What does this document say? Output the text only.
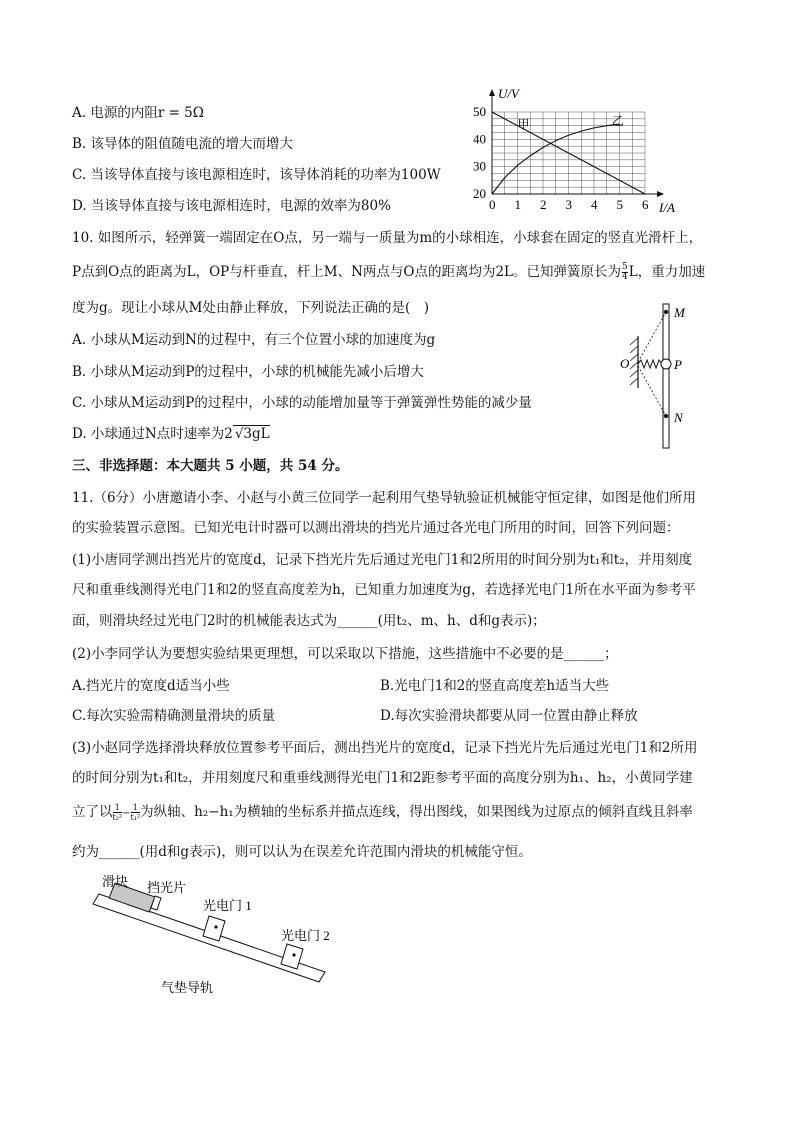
A. 电源的内阻r = 5Ω
B. 该导体的阻值随电流的增大而增大
C. 当该导体直接与该电源相连时，该导体消耗的功率为100W
D. 当该导体直接与该电源相连时，电源的效率为80%	0 1 2 3 4 5 6
20
30
40
50
U/V
I/A
甲	乙
10. 如图所示，轻弹簧一端固定在O点，另一端与一质量为m的小球相连，小球套在固定的竖直光滑杆上，
P点到O点的距离为L，OP与杆垂直，杆上M、N两点与O点的距离均为2L。已知弹簧原长为 $\frac{5}{4}$ L，重力加速
度为g。现让小球从M处由静止释放，下列说法正确的是(　)
A. 小球从M运动到N的过程中，有三个位置小球的加速度为g
B. 小球从M运动到P的过程中，小球的机械能先减小后增大
C. 小球从M运动到P的过程中，小球的动能增加量等于弹簧弹性势能的减少量
D. 小球通过N点时速率为2 √3gL
M
O	P
N
三、非选择题：本大题共 5 小题，共 54 分。
11.（6分）小唐邀请小李、小赵与小黄三位同学一起利用气垫导轨验证机械能守恒定律，如图是他们所用
的实验装置示意图。已知光电计时器可以测出滑块的挡光片通过各光电门所用的时间，回答下列问题：
(1)小唐同学测出挡光片的宽度d，记录下挡光片先后通过光电门1和2所用的时间分别为t₁和t₂，并用刻度
尺和重垂线测得光电门1和2的竖直高度差为h，已知重力加速度为g，若选择光电门1所在水平面为参考平
面，则滑块经过光电门2时的机械能表达式为______(用t₂、m、h、d和g表示)；
(2)小李同学认为要想实验结果更理想，可以采取以下措施，这些措施中不必要的是______；
A.挡光片的宽度d适当小些	B.光电门1和2的竖直高度差h适当大些
C.每次实验需精确测量滑块的质量	D.每次实验滑块都要从同一位置由静止释放
(3)小赵同学选择滑块释放位置参考平面后，测出挡光片的宽度d，记录下挡光片先后通过光电门1和2所用
的时间分别为t₁和t₂，并用刻度尺和重垂线测得光电门1和2距参考平面的高度分别为h₁、h₂，小黄同学建
立了以 $\frac{1}{\text{t₂²}} - \frac{1}{\text{t₁²}}$ 为纵轴、h₂−h₁为横轴的坐标系并描点连线，得出图线，如果图线为过原点的倾斜直线且斜率
约为______(用d和g表示)，则可以认为在误差允许范围内滑块的机械能守恒。
滑块 挡光片
光电门 1
光电门 2
气垫导轨
